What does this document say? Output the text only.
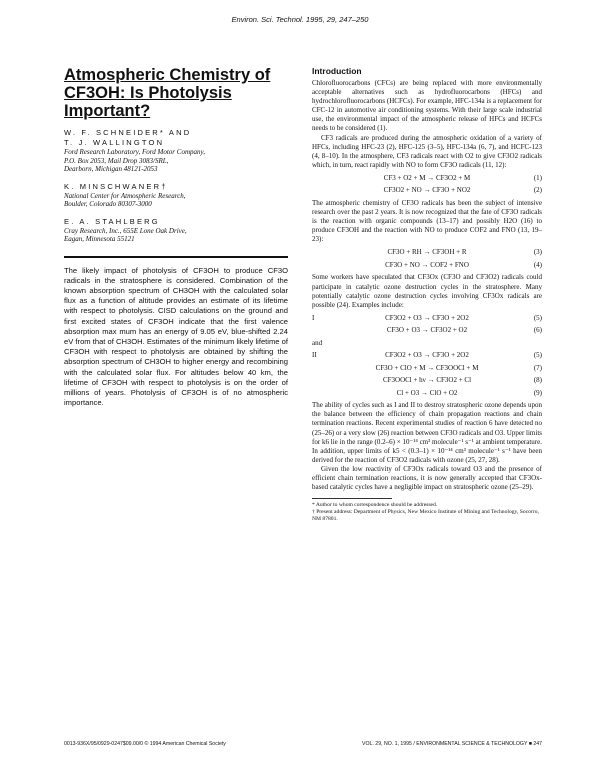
Environ. Sci. Technol. 1995, 29, 247–250
Atmospheric Chemistry of CF3OH: Is Photolysis Important?
W. F. SCHNEIDER* AND
T. J. WALLINGTON
Ford Research Laboratory, Ford Motor Company,
P.O. Box 2053, Mail Drop 3083/SRL,
Dearborn, Michigan 48121-2053
K. MINSCHWANER†
National Center for Atmospheric Research,
Boulder, Colorado 80307-3000
E. A. STAHLBERG
Cray Research, Inc., 655E Lone Oak Drive,
Eagan, Minnesota 55121

The likely impact of photolysis of CF3OH to produce CF3O radicals in the stratosphere is considered. Combination of the known absorption spectrum of CH3OH with the calculated solar flux as a function of altitude provides an estimate of its lifetime with respect to photolysis. CISD calculations on the ground and first excited states of CF3OH indicate that the first valence absorption max mum has an energy of 9.05 eV, blue-shifted 2.24 eV from that of CH3OH. Estimates of the minimum likely lifetime of CF3OH with respect to photolysis are obtained by shifting the absorption spectrum of CH3OH to higher energy and recombining with the calculated solar flux. For altitudes below 40 km, the lifetime of CF3OH with respect to photolysis is on the order of millions of years. Photolysis of CF3OH is of no atmospheric importance.

Introduction

Chlorofluorocarbons (CFCs) are being replaced with more environmentally acceptable alternatives such as hydrofluorocarbons (HFCs) and hydrochlorofluorocarbons (HCFCs). For example, HFC-134a is a replacement for CFC-12 in automotive air conditioning systems. With their large scale industrial use, the environmental impact of the atmospheric release of HFCs and HCFCs needs to be considered (1).

CF3 radicals are produced during the atmospheric oxidation of a variety of HFCs, including HFC-23 (2), HFC-125 (3–5), HFC-134a (6, 7), and HCFC-123 (4, 8–10). In the atmosphere, CF3 radicals react with O2 to give CF3O2 radicals which, in turn, react rapidly with NO to form CF3O radicals (11, 12):

CF3 + O2 + M → CF3O2 + M	(1)
CF3O2 + NO → CF3O + NO2	(2)

The atmospheric chemistry of CF3O radicals has been the subject of intensive research over the past 2 years. It is now recognized that the fate of CF3O radicals is the reaction with organic compounds (13–17) and possibly H2O (16) to produce CF3OH and the reaction with NO to produce COF2 and FNO (13, 19–23):

CF3O + RH → CF3OH + R	(3)
CF3O + NO → COF2 + FNO	(4)

Some workers have speculated that CF3Ox (CF3O and CF3O2) radicals could participate in catalytic ozone destruction cycles in the stratosphere. Many potentially catalytic ozone destruction cycles involving CF3Ox radicals are possible (24). Examples include:

I	CF3O2 + O3 → CF3O + 2O2	(5)
CF3O + O3 → CF3O2 + O2	(6)
and
II	CF3O2 + O3 → CF3O + 2O2	(5)
CF3O + ClO + M → CF3OOCl + M	(7)
CF3OOCl + hν → CF3O2 + Cl	(8)
Cl + O3 → ClO + O2	(9)

The ability of cycles such as I and II to destroy stratospheric ozone depends upon the balance between the efficiency of chain propagation reactions and chain termination reactions. Recent experimental studies of reaction 6 have detected no (25–26) or a very slow (26) reaction between CF3O radicals and O3. Upper limits for k6 lie in the range (0.2–6) × 10⁻¹⁴ cm³ molecule⁻¹ s⁻¹ at ambient temperature. In addition, upper limits of k5 < (0.3–1) × 10⁻¹⁴ cm³ molecule⁻¹ s⁻¹ have been derived for the reaction of CF3O2 radicals with ozone (25, 27, 28).

Given the low reactivity of CF3Ox radicals toward O3 and the presence of efficient chain termination reactions, it is now generally accepted that CF3Ox-based catalytic cycles have a negligible impact on stratospheric ozone (25–29).

* Author to whom correspondence should be addressed.
† Present address: Department of Physics, New Mexico Institute of Mining and Technology, Socorro, NM 87801.
0013-936X/95/0929-0247$09.00/0 © 1994 American Chemical Society	VOL. 29, NO. 1, 1995 / ENVIRONMENTAL SCIENCE & TECHNOLOGY ■ 247
